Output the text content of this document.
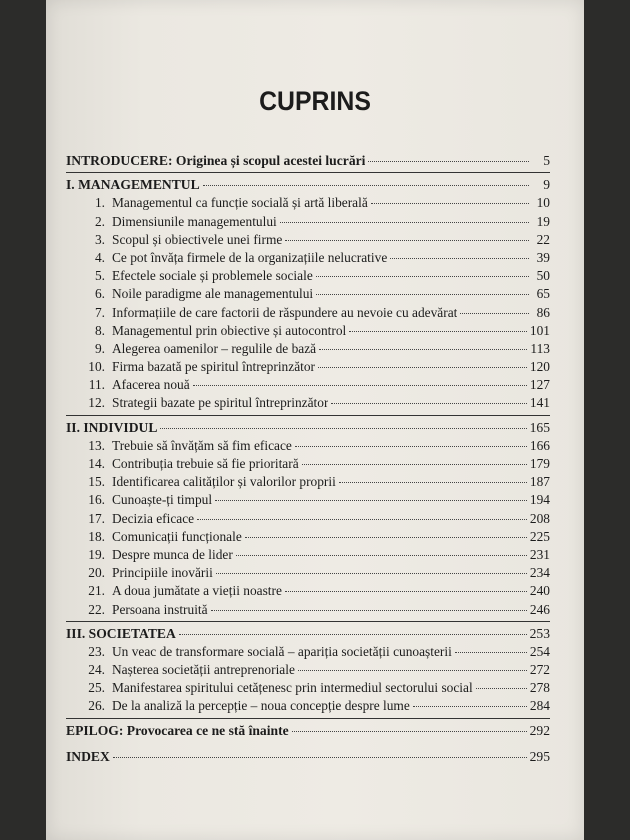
CUPRINS
INTRODUCERE: Originea și scopul acestei lucrări	5
I. MANAGEMENTUL	9
1. Managementul ca funcție socială și artă liberală	10
2. Dimensiunile managementului	19
3. Scopul și obiectivele unei firme	22
4. Ce pot învăța firmele de la organizațiile nelucrative	39
5. Efectele sociale și problemele sociale	50
6. Noile paradigme ale managementului	65
7. Informațiile de care factorii de răspundere au nevoie cu adevărat	86
8. Managementul prin obiective și autocontrol	101
9. Alegerea oamenilor – regulile de bază	113
10. Firma bazată pe spiritul întreprinzător	120
11. Afacerea nouă	127
12. Strategii bazate pe spiritul întreprinzător	141
II. INDIVIDUL	165
13. Trebuie să învățăm să fim eficace	166
14. Contribuția trebuie să fie prioritară	179
15. Identificarea calităților și valorilor proprii	187
16. Cunoaște-ți timpul	194
17. Decizia eficace	208
18. Comunicații funcționale	225
19. Despre munca de lider	231
20. Principiile inovării	234
21. A doua jumătate a vieții noastre	240
22. Persoana instruită	246
III. SOCIETATEA	253
23. Un veac de transformare socială – apariția societății cunoașterii	254
24. Nașterea societății antreprenoriale	272
25. Manifestarea spiritului cetățenesc prin intermediul sectorului social	278
26. De la analiză la percepție – noua concepție despre lume	284
EPILOG: Provocarea ce ne stă înainte	292
INDEX	295
